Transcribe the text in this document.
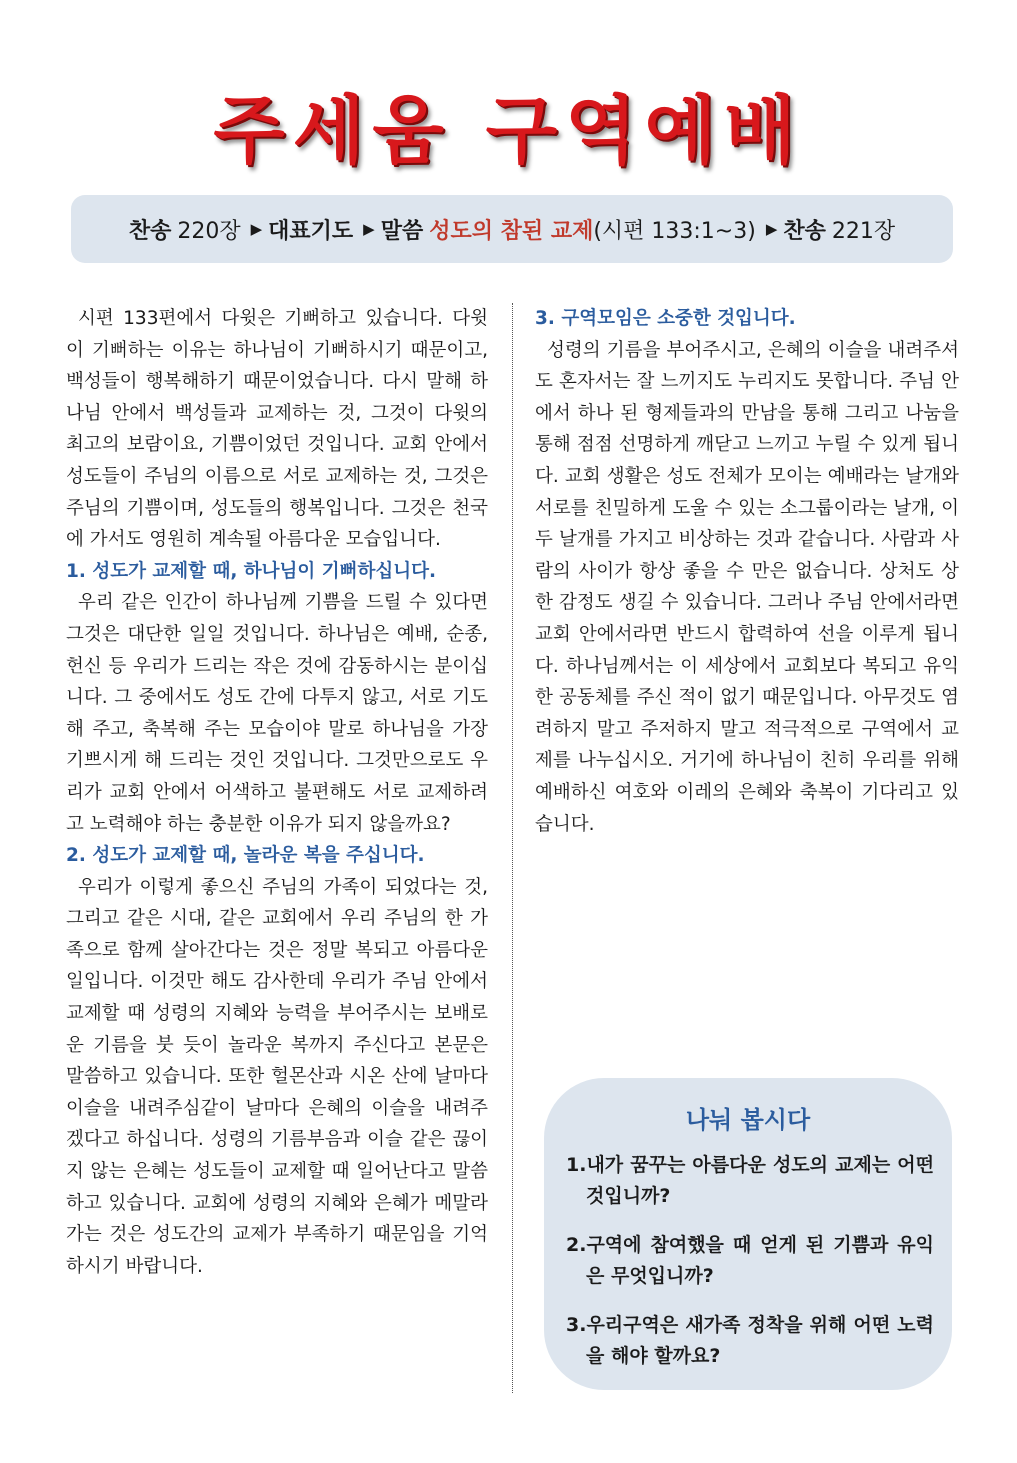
주세움 구역예배
찬송 220장 ▶ 대표기도 ▶ 말씀 성도의 참된 교제 (시편 133:1~3) ▶ 찬송 221장

시편 133편에서 다윗은 기뻐하고 있습니다. 다윗이 기뻐하는 이유는 하나님이 기뻐하시기 때문이고, 백성들이 행복해하기 때문이었습니다. 다시 말해 하나님 안에서 백성들과 교제하는 것, 그것이 다윗의 최고의 보람이요, 기쁨이었던 것입니다. 교회 안에서 성도들이 주님의 이름으로 서로 교제하는 것, 그것은 주님의 기쁨이며, 성도들의 행복입니다. 그것은 천국에 가서도 영원히 계속될 아름다운 모습입니다.

1. 성도가 교제할 때, 하나님이 기뻐하십니다.

우리 같은 인간이 하나님께 기쁨을 드릴 수 있다면 그것은 대단한 일일 것입니다. 하나님은 예배, 순종, 헌신 등 우리가 드리는 작은 것에 감동하시는 분이십니다. 그 중에서도 성도 간에 다투지 않고, 서로 기도해 주고, 축복해 주는 모습이야 말로 하나님을 가장 기쁘시게 해 드리는 것인 것입니다. 그것만으로도 우리가 교회 안에서 어색하고 불편해도 서로 교제하려고 노력해야 하는 충분한 이유가 되지 않을까요?

2. 성도가 교제할 때, 놀라운 복을 주십니다.

우리가 이렇게 좋으신 주님의 가족이 되었다는 것, 그리고 같은 시대, 같은 교회에서 우리 주님의 한 가족으로 함께 살아간다는 것은 정말 복되고 아름다운 일입니다. 이것만 해도 감사한데 우리가 주님 안에서 교제할 때 성령의 지혜와 능력을 부어주시는 보배로운 기름을 붓 듯이 놀라운 복까지 주신다고 본문은 말씀하고 있습니다. 또한 헐몬산과 시온 산에 날마다 이슬을 내려주심같이 날마다 은혜의 이슬을 내려주겠다고 하십니다. 성령의 기름부음과 이슬 같은 끊이지 않는 은혜는 성도들이 교제할 때 일어난다고 말씀하고 있습니다. 교회에 성령의 지혜와 은혜가 메말라 가는 것은 성도간의 교제가 부족하기 때문임을 기억하시기 바랍니다.

3. 구역모임은 소중한 것입니다.

성령의 기름을 부어주시고, 은혜의 이슬을 내려주셔도 혼자서는 잘 느끼지도 누리지도 못합니다. 주님 안에서 하나 된 형제들과의 만남을 통해 그리고 나눔을 통해 점점 선명하게 깨닫고 느끼고 누릴 수 있게 됩니다. 교회 생활은 성도 전체가 모이는 예배라는 날개와 서로를 친밀하게 도울 수 있는 소그룹이라는 날개, 이 두 날개를 가지고 비상하는 것과 같습니다. 사람과 사람의 사이가 항상 좋을 수 만은 없습니다. 상처도 상한 감정도 생길 수 있습니다. 그러나 주님 안에서라면 교회 안에서라면 반드시 합력하여 선을 이루게 됩니다. 하나님께서는 이 세상에서 교회보다 복되고 유익한 공동체를 주신 적이 없기 때문입니다. 아무것도 염려하지 말고 주저하지 말고 적극적으로 구역에서 교제를 나누십시오. 거기에 하나님이 친히 우리를 위해 예배하신 여호와 이레의 은혜와 축복이 기다리고 있습니다.

나눠 봅시다

1.내가 꿈꾸는 아름다운 성도의 교제는 어떤 것입니까?

2.구역에 참여했을 때 얻게 된 기쁨과 유익은 무엇입니까?

3.우리구역은 새가족 정착을 위해 어떤 노력을 해야 할까요?
